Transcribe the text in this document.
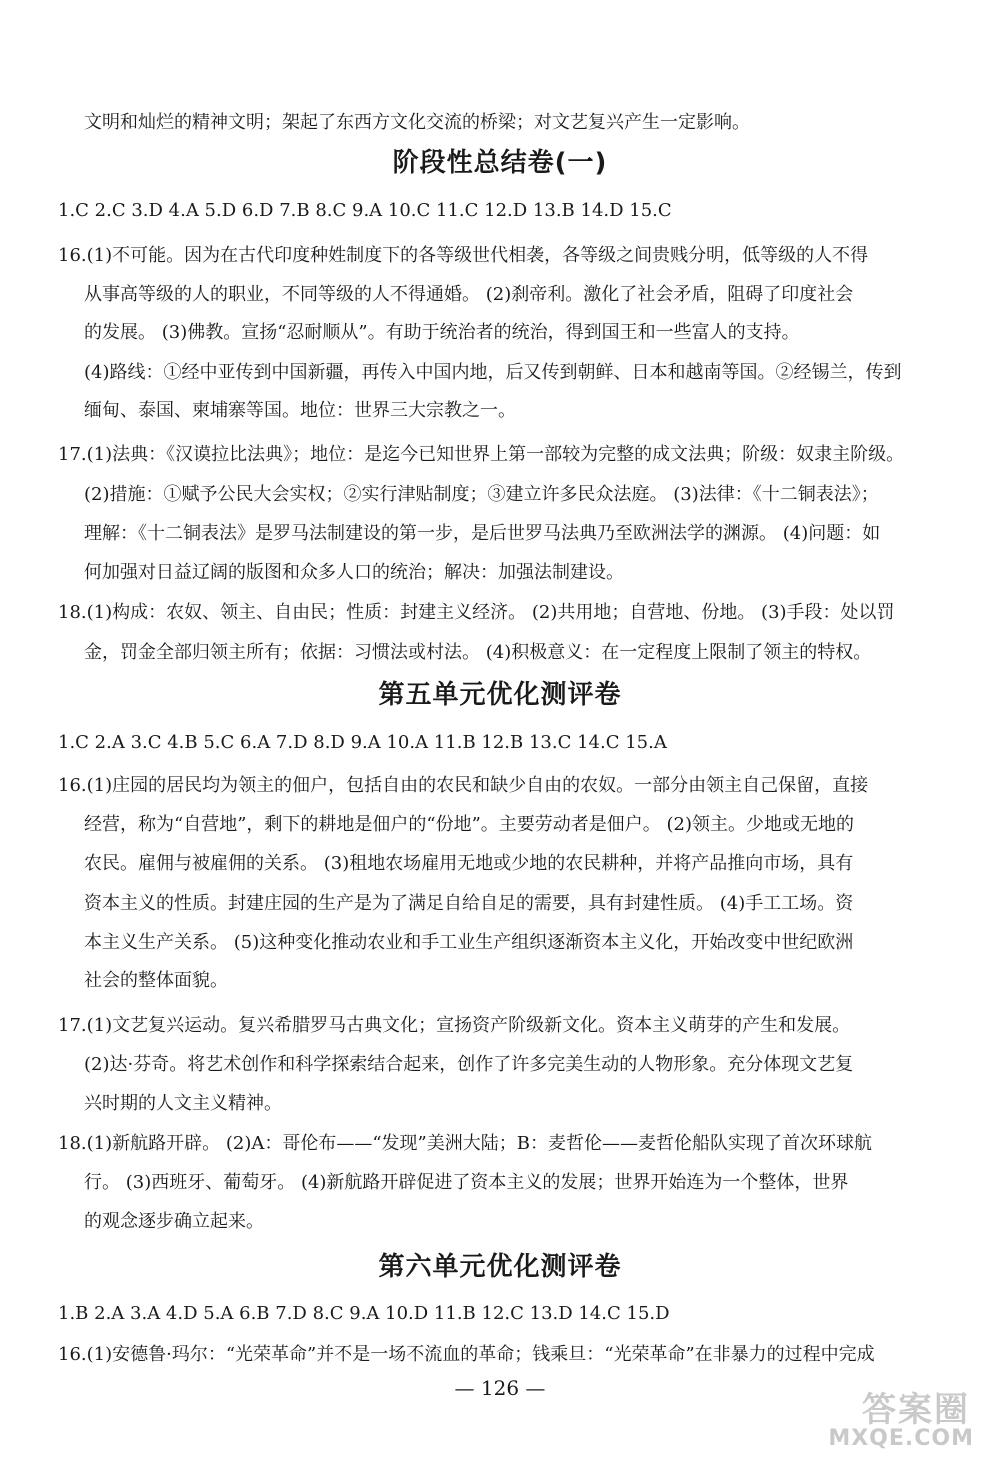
文明和灿烂的精神文明；架起了东西方文化交流的桥梁；对文艺复兴产生一定影响。
阶段性总结卷(一)
1.C 2.C 3.D 4.A 5.D 6.D 7.B 8.C 9.A 10.C 11.C 12.D 13.B 14.D 15.C
16.(1)不可能。因为在古代印度种姓制度下的各等级世代相袭，各等级之间贵贱分明，低等级的人不得
从事高等级的人的职业，不同等级的人不得通婚。 (2)刹帝利。激化了社会矛盾，阻碍了印度社会
的发展。 (3)佛教。宣扬“忍耐顺从”。有助于统治者的统治，得到国王和一些富人的支持。
(4)路线：①经中亚传到中国新疆，再传入中国内地，后又传到朝鲜、日本和越南等国。②经锡兰，传到
缅甸、泰国、柬埔寨等国。地位：世界三大宗教之一。
17.(1)法典：《汉谟拉比法典》；地位：是迄今已知世界上第一部较为完整的成文法典；阶级：奴隶主阶级。
(2)措施：①赋予公民大会实权；②实行津贴制度；③建立许多民众法庭。 (3)法律：《十二铜表法》；
理解：《十二铜表法》是罗马法制建设的第一步，是后世罗马法典乃至欧洲法学的渊源。 (4)问题：如
何加强对日益辽阔的版图和众多人口的统治；解决：加强法制建设。
18.(1)构成：农奴、领主、自由民；性质：封建主义经济。 (2)共用地；自营地、份地。 (3)手段：处以罚
金，罚金全部归领主所有；依据：习惯法或村法。 (4)积极意义：在一定程度上限制了领主的特权。
第五单元优化测评卷
1.C 2.A 3.C 4.B 5.C 6.A 7.D 8.D 9.A 10.A 11.B 12.B 13.C 14.C 15.A
16.(1)庄园的居民均为领主的佃户，包括自由的农民和缺少自由的农奴。一部分由领主自己保留，直接
经营，称为“自营地”，剩下的耕地是佃户的“份地”。主要劳动者是佃户。 (2)领主。少地或无地的
农民。雇佣与被雇佣的关系。 (3)租地农场雇用无地或少地的农民耕种，并将产品推向市场，具有
资本主义的性质。封建庄园的生产是为了满足自给自足的需要，具有封建性质。 (4)手工工场。资
本主义生产关系。 (5)这种变化推动农业和手工业生产组织逐渐资本主义化，开始改变中世纪欧洲
社会的整体面貌。
17.(1)文艺复兴运动。复兴希腊罗马古典文化；宣扬资产阶级新文化。资本主义萌芽的产生和发展。
(2)达·芬奇。将艺术创作和科学探索结合起来，创作了许多完美生动的人物形象。充分体现文艺复
兴时期的人文主义精神。
18.(1)新航路开辟。 (2)A：哥伦布——“发现”美洲大陆；B：麦哲伦——麦哲伦船队实现了首次环球航
行。 (3)西班牙、葡萄牙。 (4)新航路开辟促进了资本主义的发展；世界开始连为一个整体，世界
的观念逐步确立起来。
第六单元优化测评卷
1.B 2.A 3.A 4.D 5.A 6.B 7.D 8.C 9.A 10.D 11.B 12.C 13.D 14.C 15.D
16.(1)安德鲁·玛尔：“光荣革命”并不是一场不流血的革命；钱乘旦：“光荣革命”在非暴力的过程中完成
— 126 —
答案圈
MXQE.COM
